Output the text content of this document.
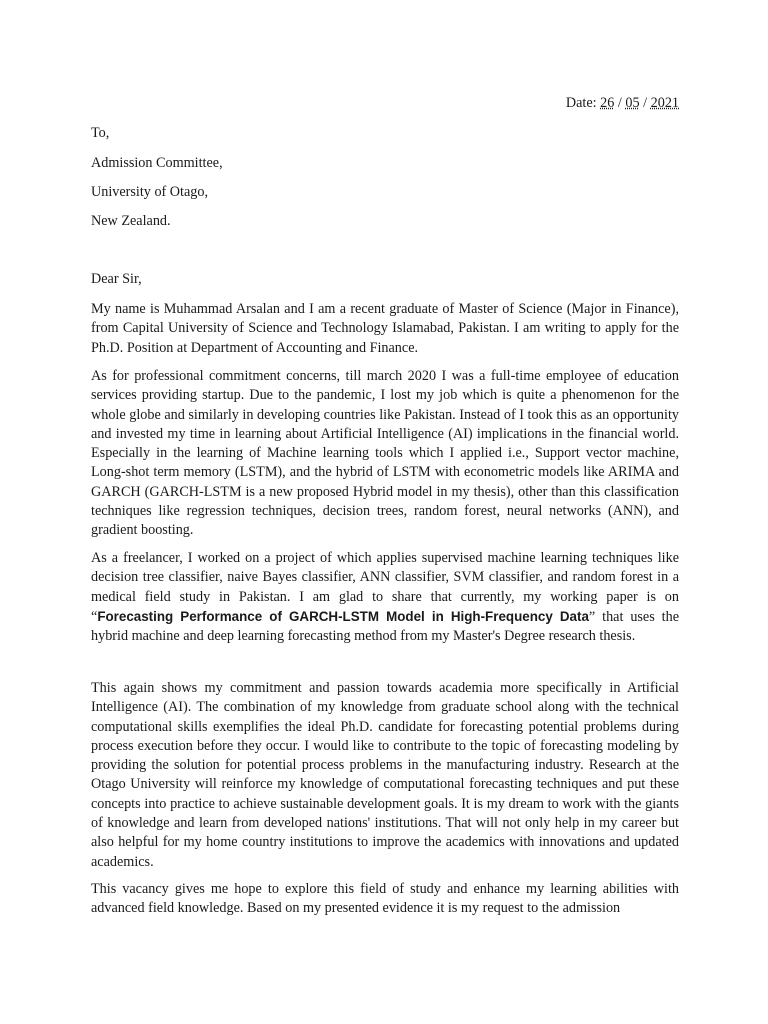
Date: 26 / 05 / 2021
To,
Admission Committee,
University of Otago,
New Zealand.
Dear Sir,

My name is Muhammad Arsalan and I am a recent graduate of Master of Science (Major in Finance), from Capital University of Science and Technology Islamabad, Pakistan. I am writing to apply for the Ph.D. Position at Department of Accounting and Finance.

As for professional commitment concerns, till march 2020 I was a full-time employee of education services providing startup. Due to the pandemic, I lost my job which is quite a phenomenon for the whole globe and similarly in developing countries like Pakistan. Instead of I took this as an opportunity and invested my time in learning about Artificial Intelligence (AI) implications in the financial world. Especially in the learning of Machine learning tools which I applied i.e., Support vector machine, Long-shot term memory (LSTM), and the hybrid of LSTM with econometric models like ARIMA and GARCH (GARCH-LSTM is a new proposed Hybrid model in my thesis), other than this classification techniques like regression techniques, decision trees, random forest, neural networks (ANN), and gradient boosting.

As a freelancer, I worked on a project of which applies supervised machine learning techniques like decision tree classifier, naive Bayes classifier, ANN classifier, SVM classifier, and random forest in a medical field study in Pakistan. I am glad to share that currently, my working paper is on “Forecasting Performance of GARCH-LSTM Model in High-Frequency Data” that uses the hybrid machine and deep learning forecasting method from my Master's Degree research thesis.

This again shows my commitment and passion towards academia more specifically in Artificial Intelligence (AI). The combination of my knowledge from graduate school along with the technical computational skills exemplifies the ideal Ph.D. candidate for forecasting potential problems during process execution before they occur. I would like to contribute to the topic of forecasting modeling by providing the solution for potential process problems in the manufacturing industry. Research at the Otago University will reinforce my knowledge of computational forecasting techniques and put these concepts into practice to achieve sustainable development goals. It is my dream to work with the giants of knowledge and learn from developed nations' institutions. That will not only help in my career but also helpful for my home country institutions to improve the academics with innovations and updated academics.

This vacancy gives me hope to explore this field of study and enhance my learning abilities with advanced field knowledge. Based on my presented evidence it is my request to the admission
